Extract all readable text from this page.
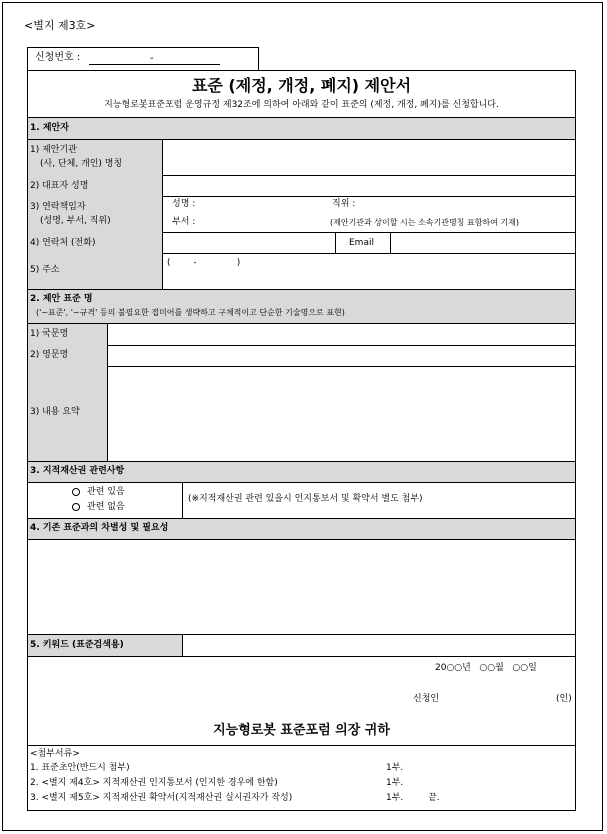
<별지 제3호>
신청번호 :	-
표준 (제정, 개정, 폐지) 제안서
지능형로봇표준포럼 운영규정 제32조에 의하여 아래와 같이 표준의 (제정, 개정, 폐지)를 신청합니다.
1. 제안자
1) 제안기관
(사, 단체, 개인) 명칭
2) 대표자 성명
3) 연락책임자
(성명, 부서, 직위)
성명 :	직위 :
부서 :	(제안기관과 상이할 시는 소속기관명칭 표함하여 기재)
4) 연락처 (전화)	Email
5) 주소
(        -              )
2. 제안 표준 명
('~표준', '~규격' 등의 불필요한 접미어를 생략하고 구체적이고 단순한 기술명으로 표현)
1) 국문명
2) 영문명
3) 내용 요약
3. 지적재산권 관련사항
관련 있음
관련 없음
(※지적재산권 관련 있을시 인지통보서 및 확약서 별도 첨부)
4. 기존 표준과의 차별성 및 필요성
5. 키워드 (표준검색용)
20○○년   ○○월   ○○일
신청인	(인)
지능형로봇 표준포럼 의장 귀하
<첨부서류>
1. 표준초안(반드시 첨부)	1부.
2. <별지 제4호> 지적재산권 인지통보서 (인지한 경우에 한함)	1부.
3. <별지 제5호> 지적재산권 확약서(지적재산권 실시권자가 작성)	1부.	끝.
